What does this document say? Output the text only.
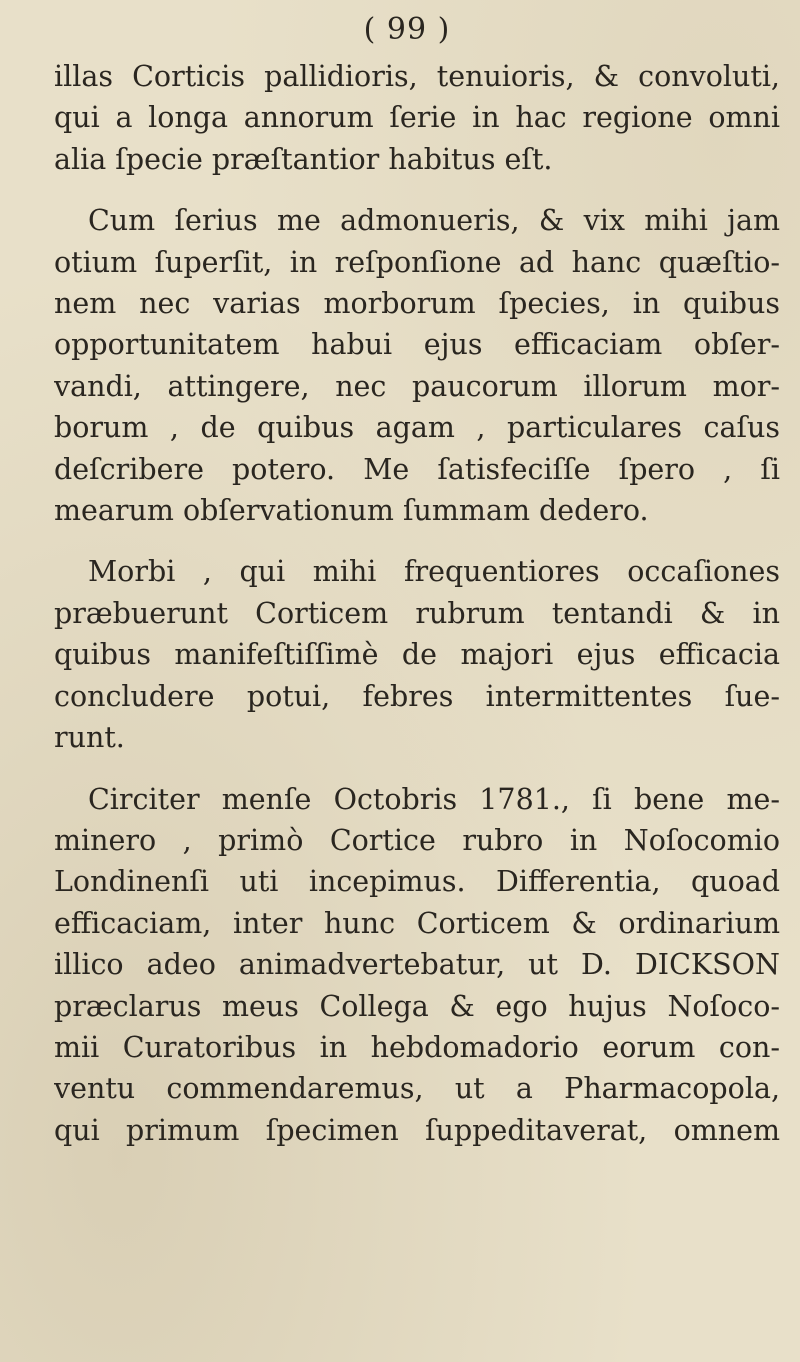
( 99 )

illas Corticis pallidioris, tenuioris, & convoluti,
qui a longa annorum ſerie in hac regione omni
alia ſpecie præſtantior habitus eſt.

Cum ſerius me admonueris, & vix mihi jam
otium ſuperſit, in reſponſione ad hanc quæſtio-
nem nec varias morborum ſpecies, in quibus
opportunitatem habui ejus efficaciam obſer-
vandi, attingere, nec paucorum illorum mor-
borum , de quibus agam , particulares caſus
deſcribere potero. Me ſatisfeciſſe ſpero , ſi
mearum obſervationum ſummam dedero.

Morbi , qui mihi frequentiores occaſiones
præbuerunt Corticem rubrum tentandi & in
quibus manifeſtiſſimè de majori ejus efficacia
concludere potui, febres intermittentes ſue-
runt.

Circiter menſe Octobris 1781., ſi bene me-
minero , primò Cortice rubro in Noſocomio
Londinenſi uti incepimus. Differentia, quoad
efficaciam, inter hunc Corticem & ordinarium
illico adeo animadvertebatur, ut D. DICKSON
præclarus meus Collega & ego hujus Noſoco-
mii Curatoribus in hebdomadorio eorum con-
ventu commendaremus, ut a Pharmacopola,
qui primum ſpecimen ſuppeditaverat, omnem
